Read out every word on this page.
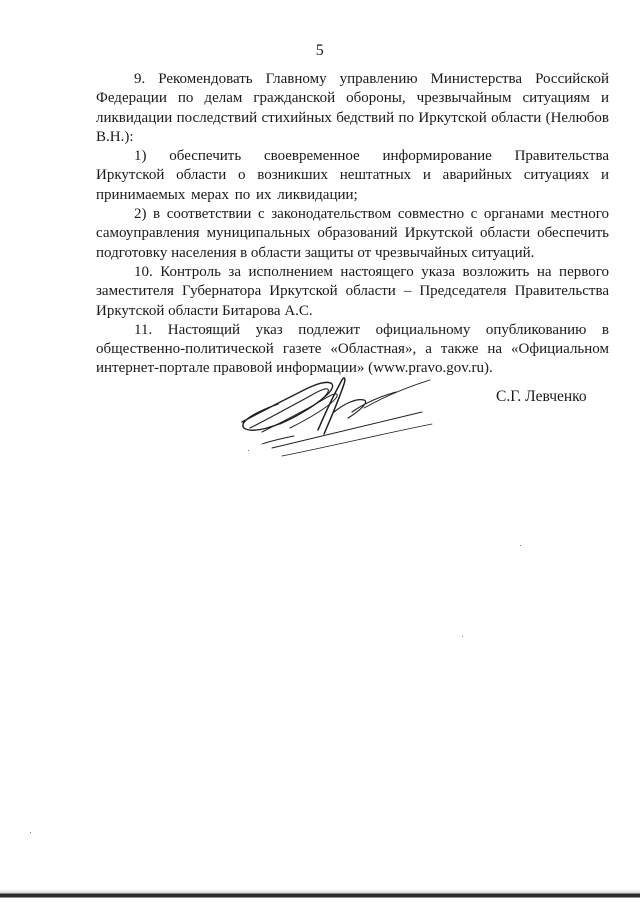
5

9. Рекомендовать Главному управлению Министерства Российской Федерации по делам гражданской обороны, чрезвычайным ситуациям и ликвидации последствий стихийных бедствий по Иркутской области (Нелюбов В.Н.):

1) обеспечить своевременное информирование Правительства Иркутской области о возникших нештатных и аварийных ситуациях и принимаемых мерах по их ликвидации;

2) в соответствии с законодательством совместно с органами местного самоуправления муниципальных образований Иркутской области обеспечить подготовку населения в области защиты от чрезвычайных ситуаций.

10. Контроль за исполнением настоящего указа возложить на первого заместителя Губернатора Иркутской области – Председателя Правительства Иркутской области Битарова А.С.

11. Настоящий указ подлежит официальному опубликованию в общественно-политической газете «Областная», а также на «Официальном интернет-портале правовой информации» (www.pravo.gov.ru).

С.Г. Левченко
